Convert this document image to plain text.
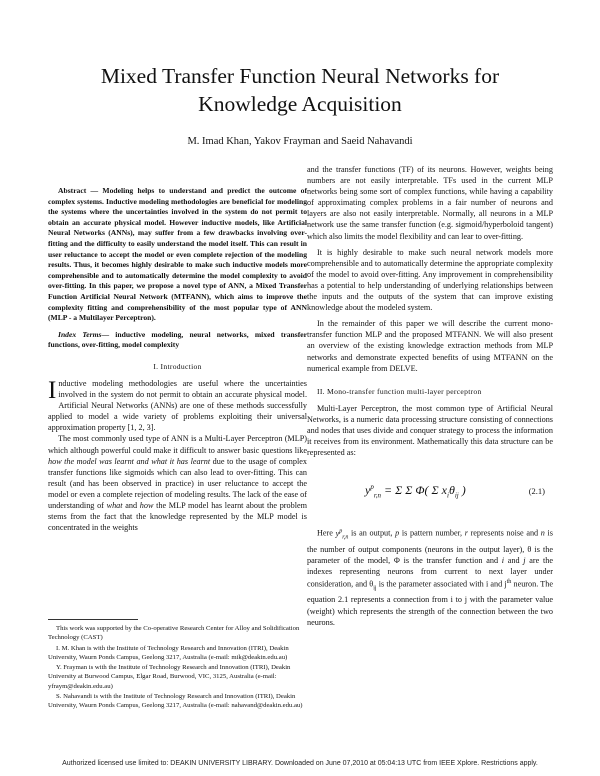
Mixed Transfer Function Neural Networks for
Knowledge Acquisition
M. Imad Khan, Yakov Frayman and Saeid Nahavandi

Abstract — Modeling helps to understand and predict the outcome of complex systems. Inductive modeling methodologies are beneficial for modeling the systems where the uncertainties involved in the system do not permit to obtain an accurate physical model. However inductive models, like Artificial Neural Networks (ANNs), may suffer from a few drawbacks involving over-fitting and the difficulty to easily understand the model itself. This can result in user reluctance to accept the model or even complete rejection of the modeling results. Thus, it becomes highly desirable to make such inductive models more comprehensible and to automatically determine the model complexity to avoid over-fitting. In this paper, we propose a novel type of ANN, a Mixed Transfer Function Artificial Neural Network (MTFANN), which aims to improve the complexity fitting and comprehensibility of the most popular type of ANN (MLP - a Multilayer Perceptron).

Index Terms— inductive modeling, neural networks, mixed transfer functions, over-fitting, model complexity

I. Introduction

Inductive modeling methodologies are useful where the uncertainties involved in the system do not permit to obtain an accurate physical model. Artificial Neural Networks (ANNs) are one of these methods successfully applied to model a wide variety of problems exploiting their universal approximation property [1, 2, 3].

The most commonly used type of ANN is a Multi-Layer Perceptron (MLP) which although powerful could make it difficult to answer basic questions like how the model was learnt and what it has learnt due to the usage of complex transfer functions like sigmoids which can also lead to over-fitting. This can result (and has been observed in practice) in user reluctance to accept the model or even a complete rejection of modeling results. The lack of the ease of understanding of what and how the MLP model has learnt about the problem stems from the fact that the knowledge represented by the MLP model is concentrated in the weights

This work was supported by the Co-operative Research Center for Alloy and Solidification Technology (CAST)

I. M. Khan is with the Institute of Technology Research and Innovation (ITRI), Deakin University, Waurn Ponds Campus, Geelong 3217, Australia (e-mail: mik@deakin.edu.au)

Y. Frayman is with the Institute of Technology Research and Innovation (ITRI), Deakin University at Burwood Campus, Elgar Road, Burwood, VIC, 3125, Australia (e-mail: yfraym@deakin.edu.au)

S. Nahavandi is with the Institute of Technology Research and Innovation (ITRI), Deakin University, Waurn Ponds Campus, Geelong 3217, Australia (e-mail: nahavand@deakin.edu.au)

and the transfer functions (TF) of its neurons. However, weights being numbers are not easily interpretable. TFs used in the current MLP networks being some sort of complex functions, while having a capability of approximating complex problems in a fair number of neurons and layers are also not easily interpretable. Normally, all neurons in a MLP network use the same transfer function (e.g. sigmoid/hyperboloid tangent) which also limits the model flexibility and can lear to over-fitting.

It is highly desirable to make such neural network models more comprehensible and to automatically determine the appropriate complexity of the model to avoid over-fitting. Any improvement in comprehensibility has a potential to help understanding of underlying relationships between the inputs and the outputs of the system that can improve existing knowledge about the modeled system.

In the remainder of this paper we will describe the current mono-transfer function MLP and the proposed MTFANN. We will also present an overview of the existing knowledge extraction methods from MLP networks and demonstrate expected benefits of using MTFANN on the numerical example from DELVE.

II. Mono-transfer function multi-layer perceptron

Multi-Layer Perceptron, the most common type of Artificial Neural Networks, is a numeric data processing structure consisting of connections and nodes that uses divide and conquer strategy to process the information it receives from its environment. Mathematically this data structure can be represented as:

$y^p_{r,n} = \Sigma$ Σ Φ( Σ $x_i\theta_{ij}$ )	(2.1)

Here $y^p_{r,n}$ is an output, p is pattern number, r represents noise and n is the number of output components (neurons in the output layer), θ is the parameter of the model, Φ is the transfer function and i and j are the indexes representing neurons from current to next layer under consideration, and $\theta_{ij}$ is the parameter associated with i and $j^{th}$ neuron. The equation 2.1 represents a connection from i to j with the parameter value (weight) which represents the strength of the connection between the two neurons.

Authorized licensed use limited to: DEAKIN UNIVERSITY LIBRARY. Downloaded on June 07,2010 at 05:04:13 UTC from IEEE Xplore. Restrictions apply.
